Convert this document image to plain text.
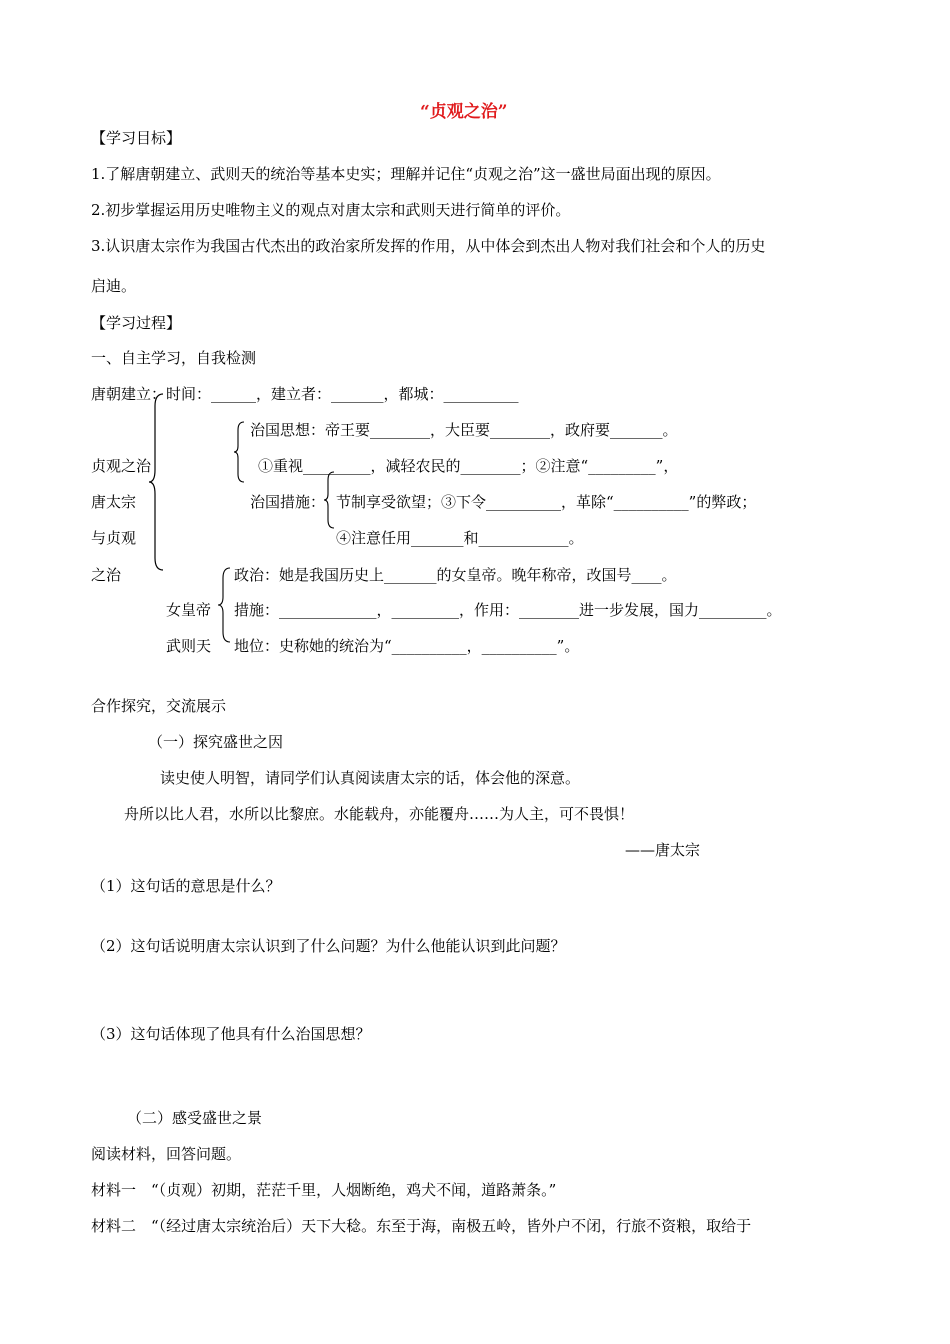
“贞观之治”
【学习目标】
1.了解唐朝建立、武则天的统治等基本史实；理解并记住“贞观之治”这一盛世局面出现的原因。
2.初步掌握运用历史唯物主义的观点对唐太宗和武则天进行简单的评价。
3.认识唐太宗作为我国古代杰出的政治家所发挥的作用，从中体会到杰出人物对我们社会和个人的历史
启迪。
【学习过程】
一、自主学习，自我检测
唐朝建立：时间：______，建立者：_______，都城：__________
贞观之治
唐太宗
与贞观
之治
治国思想：帝王要________，大臣要________，政府要_______。
①重视_________，减轻农民的________；②注意“_________”，
治国措施： 节制享受欲望；③下令__________，革除“__________”的弊政；
④注意任用_______和____________。
政治：她是我国历史上_______的女皇帝。晚年称帝，改国号____。
女皇帝 措施：_____________，_________，作用：________进一步发展，国力_________。
武则天 地位：史称她的统治为“__________，__________”。
合作探究，交流展示
（一）探究盛世之因
读史使人明智，请同学们认真阅读唐太宗的话，体会他的深意。
舟所以比人君，水所以比黎庶。水能载舟，亦能覆舟……为人主，可不畏惧！
——唐太宗
（1）这句话的意思是什么？
（2）这句话说明唐太宗认识到了什么问题？为什么他能认识到此问题？
（3）这句话体现了他具有什么治国思想？
（二）感受盛世之景
阅读材料，回答问题。
材料一　“（贞观）初期，茫茫千里，人烟断绝，鸡犬不闻，道路萧条。”
材料二　“（经过唐太宗统治后）天下大稔。东至于海，南极五岭，皆外户不闭，行旅不资粮，取给于
